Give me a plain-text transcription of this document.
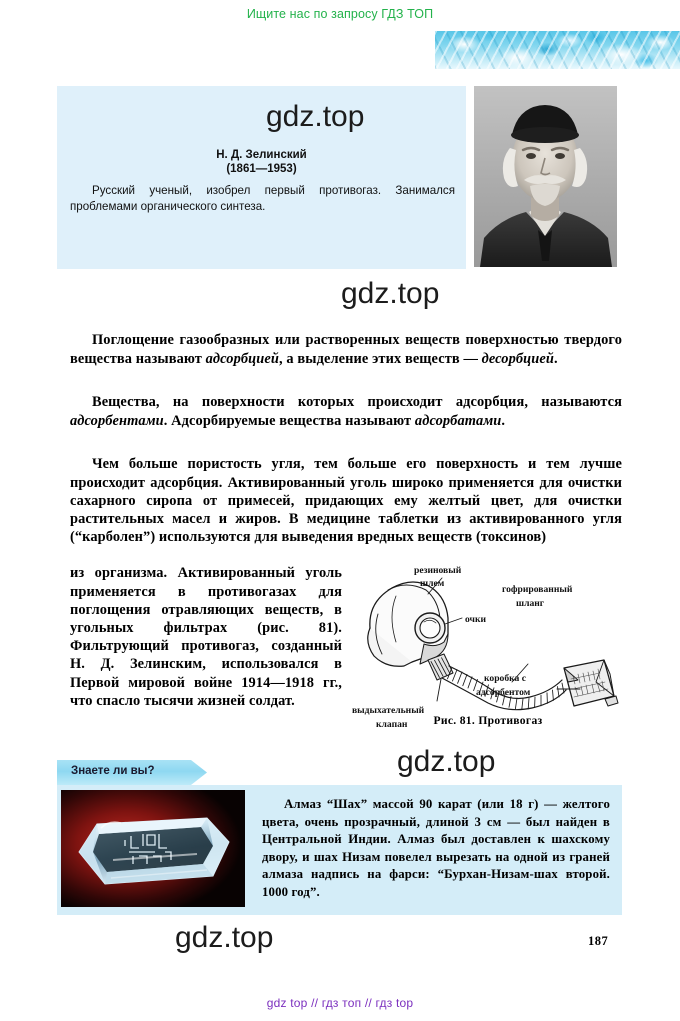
Ищите нас по запросу ГДЗ ТОП
Н. Д. Зелинский
(1861—1953)
Русский ученый, изобрел первый противогаз. Занимался проблемами органического синтеза.

Поглощение газообразных или растворенных веществ поверхностью твердого вещества называют адсорбцией, а выделение этих веществ — десорбцией.

Вещества, на поверхности которых происходит адсорбция, называются адсорбентами. Адсорбируемые вещества называют адсорбатами.

Чем больше пористость угля, тем больше его поверхность и тем лучше происходит адсорбция. Активированный уголь широко применяется для очистки сахарного сиропа от примесей, придающих ему желтый цвет, для очистки растительных масел и жиров. В медицине таблетки из активированного угля (“карболен”) используются для выведения вредных веществ (токсинов)

из организма. Активированный уголь применяется в противогазах для поглощения отравляющих веществ, в угольных фильтрах (рис. 81). Фильтрующий противогаз, созданный Н. Д. Зелинским, использовался в Первой мировой войне 1914—1918 гг., что спасло тысячи жизней солдат.

резиновый
шлем
очки
гофрированный
шланг
выдыхательный
клапан
коробка с
адсорбентом
Рис. 81. Противогаз
Знаете ли вы?
Алмаз “Шах” массой 90 карат (или 18 г) — желтого цвета, очень прозрачный, длиной 3 см — был найден в Центральной Индии. Алмаз был доставлен к шахскому двору, и шах Низам повелел вырезать на одной из граней алмаза надпись на фарси: “Бурхан-Низам-шах второй. 1000 год”.
187
gdz.top
gdz.top
gdz.top
gdz.top
gdz top // гдз топ // гдз top
